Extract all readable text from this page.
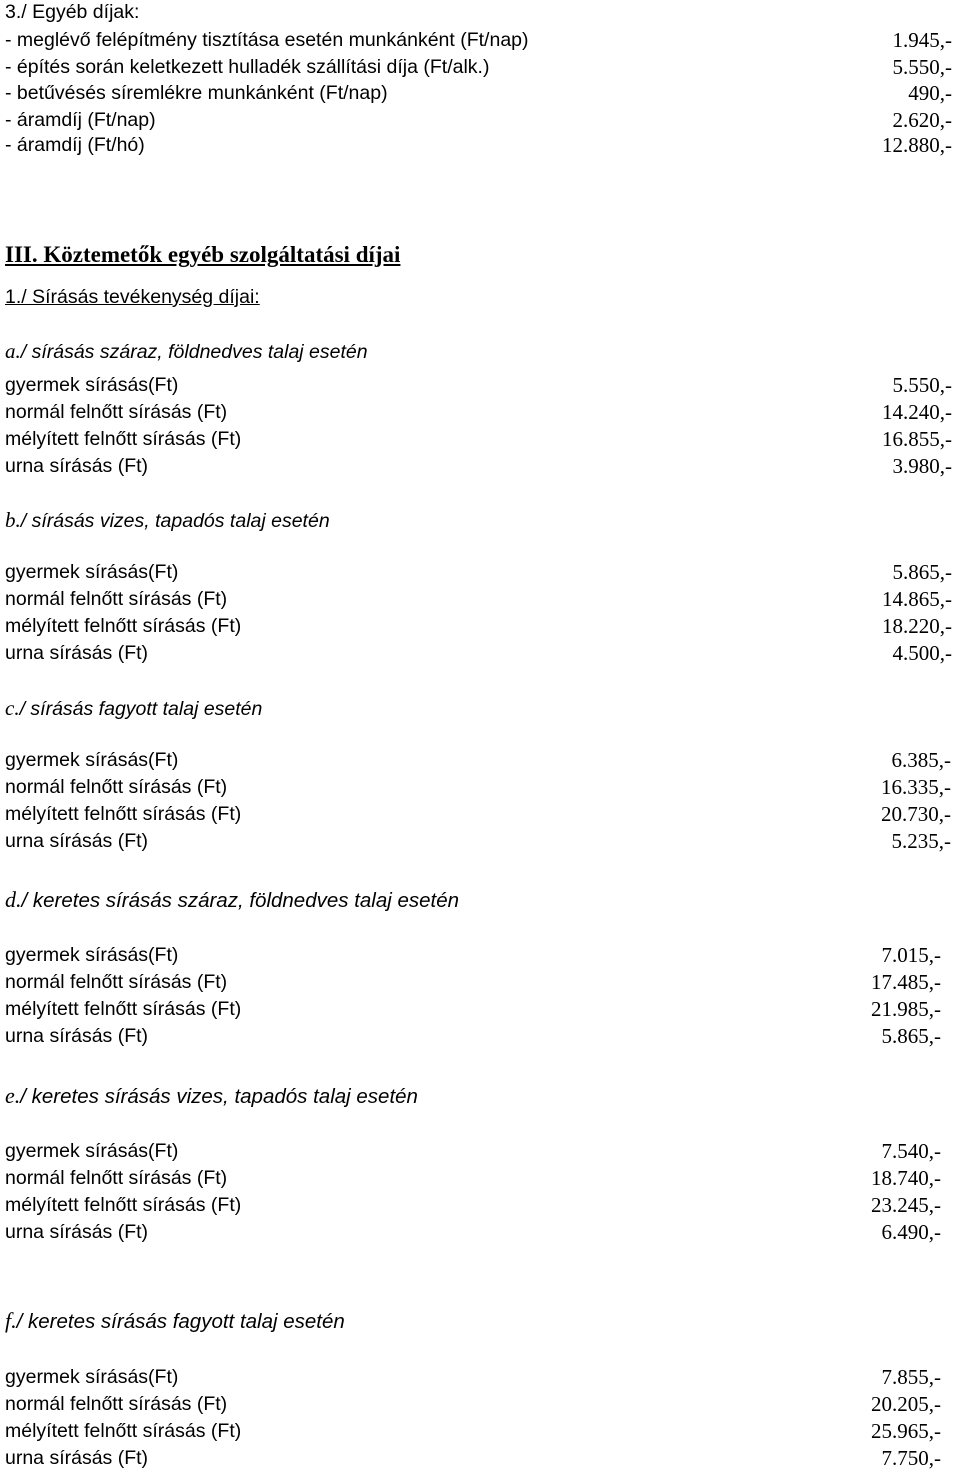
3./ Egyéb díjak:
- meglévő felépítmény tisztítása esetén munkánként (Ft/nap)	1.945,-
- építés során keletkezett hulladék szállítási díja (Ft/alk.)	5.550,-
- betűvésés síremlékre munkánként (Ft/nap)	490,-
- áramdíj (Ft/nap)	2.620,-
- áramdíj (Ft/hó)	12.880,-
III. Köztemetők egyéb szolgáltatási díjai
1./ Sírásás tevékenység díjai:
a./ sírásás száraz, földnedves talaj esetén
gyermek sírásás(Ft)	5.550,-
normál felnőtt sírásás (Ft)	14.240,-
mélyített felnőtt sírásás (Ft)	16.855,-
urna sírásás (Ft)	3.980,-
b./ sírásás vizes, tapadós talaj esetén
gyermek sírásás(Ft)	5.865,-
normál felnőtt sírásás (Ft)	14.865,-
mélyített felnőtt sírásás (Ft)	18.220,-
urna sírásás (Ft)	4.500,-
c./ sírásás fagyott talaj esetén
gyermek sírásás(Ft)	6.385,-
normál felnőtt sírásás (Ft)	16.335,-
mélyített felnőtt sírásás (Ft)	20.730,-
urna sírásás (Ft)	5.235,-
d./ keretes sírásás száraz, földnedves talaj esetén
gyermek sírásás(Ft)	7.015,-
normál felnőtt sírásás (Ft)	17.485,-
mélyített felnőtt sírásás (Ft)	21.985,-
urna sírásás (Ft)	5.865,-
e./ keretes sírásás vizes, tapadós talaj esetén
gyermek sírásás(Ft)	7.540,-
normál felnőtt sírásás (Ft)	18.740,-
mélyített felnőtt sírásás (Ft)	23.245,-
urna sírásás (Ft)	6.490,-
f./ keretes sírásás fagyott talaj esetén
gyermek sírásás(Ft)	7.855,-
normál felnőtt sírásás (Ft)	20.205,-
mélyített felnőtt sírásás (Ft)	25.965,-
urna sírásás (Ft)	7.750,-
